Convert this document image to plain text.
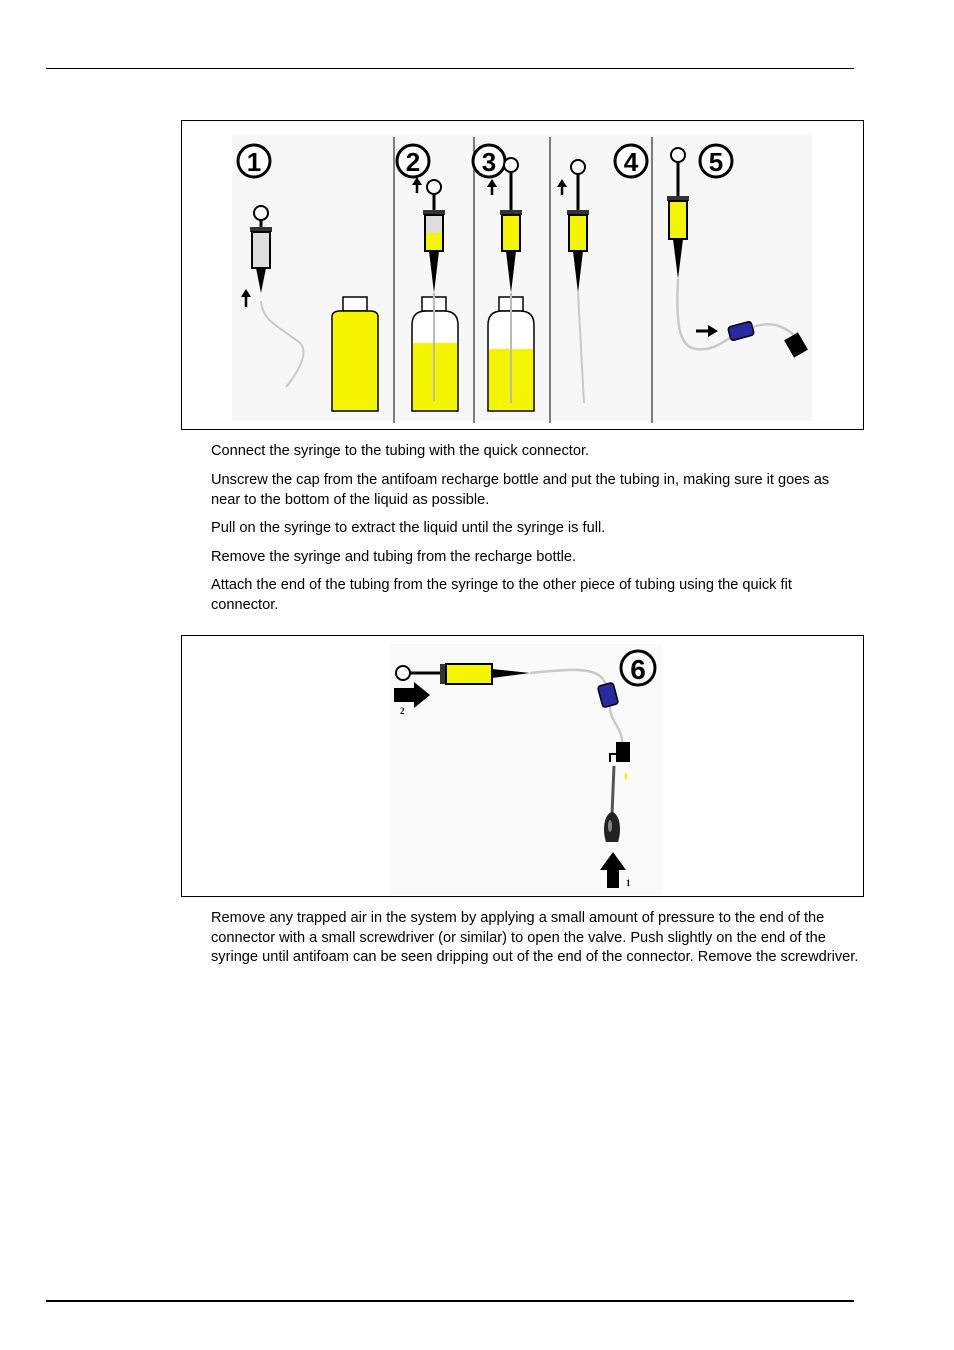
1	2 3	4	5

Connect the syringe to the tubing with the quick connector.

Unscrew the cap from the antifoam recharge bottle and put the tubing in, making sure it goes as near to the bottom of the liquid as possible.

Pull on the syringe to extract the liquid until the syringe is full.

Remove the syringe and tubing from the recharge bottle.

Attach the end of the tubing from the syringe to the other piece of tubing using the quick fit connector.

2
6
1

Remove any trapped air in the system by applying a small amount of pressure to the end of the connector with a small screwdriver (or similar) to open the valve. Push slightly on the end of the syringe until antifoam can be seen dripping out of the end of the connector. Remove the screwdriver.
